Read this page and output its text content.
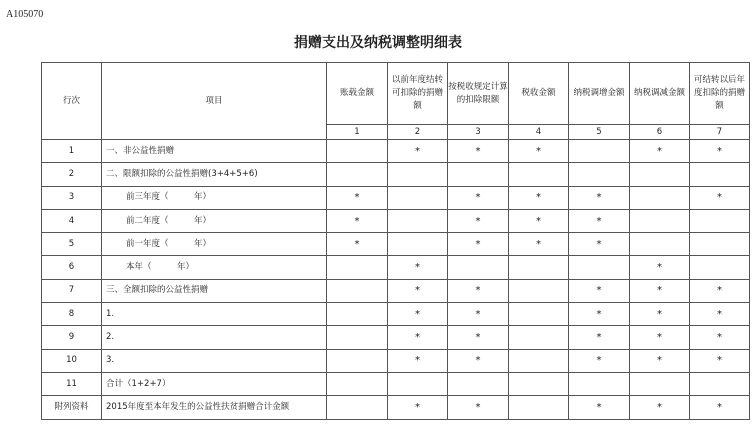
A105070
捐赠支出及纳税调整明细表
行次	项目	账载金额	以前年度结转可扣除的捐赠额	按税收规定计算的扣除限额	税收金额	纳税调增金额	纳税调减金额	可结转以后年度扣除的捐赠额
		1	2	3	4	5	6	7
1	一、非公益性捐赠		*	*	*		*	*
2	二、限额扣除的公益性捐赠(3+4+5+6)							
3	前三年度（　　　年）	*		*	*	*		*
4	前二年度（　　　年）	*		*	*	*		
5	前一年度（　　　年）	*		*	*	*		
6	本年（　　　年）		*				*	
7	三、全额扣除的公益性捐赠		*	*		*	*	*
8	1.		*	*		*	*	*
9	2.		*	*		*	*	*
10	3.		*	*		*	*	*
11	合计（1+2+7）							
附列资料	2015年度至本年发生的公益性扶贫捐赠合计金额		*	*		*	*	*
